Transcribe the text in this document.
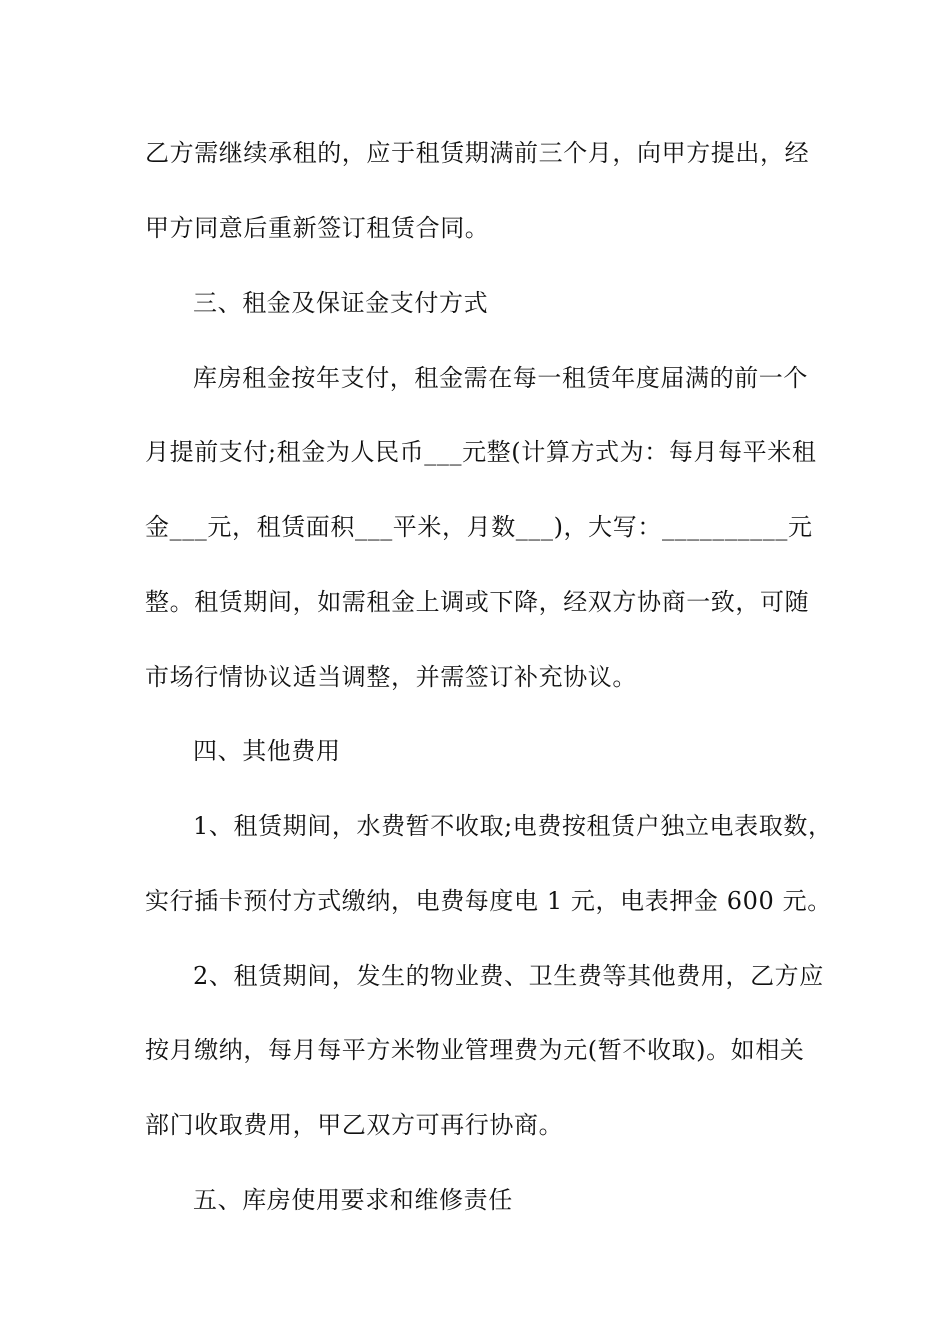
乙方需继续承租的，应于租赁期满前三个月，向甲方提出，经
甲方同意后重新签订租赁合同。
三、租金及保证金支付方式
库房租金按年支付，租金需在每一租赁年度届满的前一个
月提前支付;租金为人民币___元整(计算方式为：每月每平米租
金___元，租赁面积___平米，月数___)，大写：__________元
整。租赁期间，如需租金上调或下降，经双方协商一致，可随
市场行情协议适当调整，并需签订补充协议。
四、其他费用
1、租赁期间，水费暂不收取;电费按租赁户独立电表取数，
实行插卡预付方式缴纳，电费每度电 1 元，电表押金 600 元。
2、租赁期间，发生的物业费、卫生费等其他费用，乙方应
按月缴纳，每月每平方米物业管理费为元(暂不收取)。如相关
部门收取费用，甲乙双方可再行协商。
五、库房使用要求和维修责任
